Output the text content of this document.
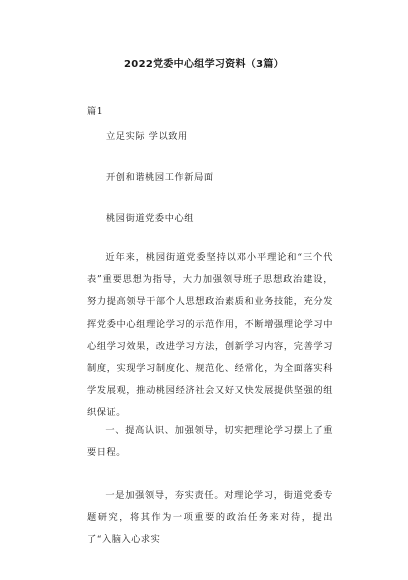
2022党委中心组学习资料（3篇）
篇1
立足实际 学以致用
开创和谐桃园工作新局面
桃园街道党委中心组

近年来，桃园街道党委坚持以邓小平理论和“三个代表”重要思想为指导，大力加强领导班子思想政治建设，努力提高领导干部个人思想政治素质和业务技能，充分发挥党委中心组理论学习的示范作用，不断增强理论学习中心组学习效果，改进学习方法，创新学习内容，完善学习制度，实现学习制度化、规范化、经常化，为全面落实科学发展观，推动桃园经济社会又好又快发展提供坚强的组织保证。

一、提高认识、加强领导，切实把理论学习摆上了重要日程。

一是加强领导，夯实责任。对理论学习，街道党委专题研究，将其作为一项重要的政治任务来对待，提出了“入脑入心求实
